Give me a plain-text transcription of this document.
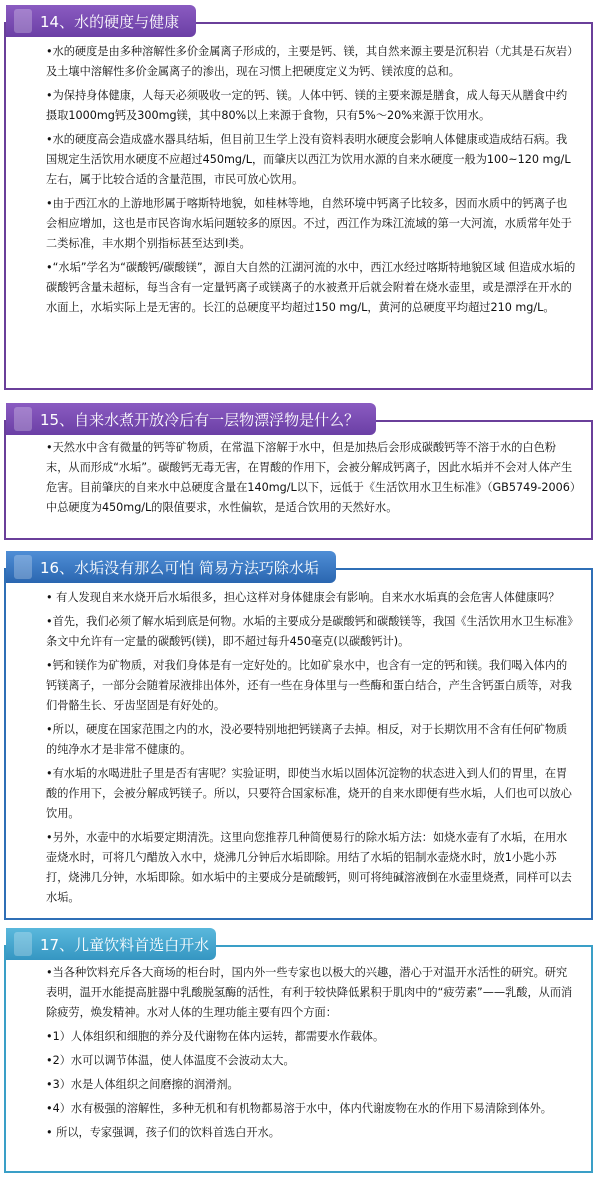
14、水的硬度与健康

•水的硬度是由多种溶解性多价金属离子形成的，主要是钙、镁，其自然来源主要是沉积岩（尤其是石灰岩）及土壤中溶解性多价金属离子的渗出，现在习惯上把硬度定义为钙、镁浓度的总和。

•为保持身体健康，人每天必须吸收一定的钙、镁。人体中钙、镁的主要来源是膳食，成人每天从膳食中约摄取1000mg钙及300mg镁，其中80%以上来源于食物，只有5%～20%来源于饮用水。

•水的硬度高会造成盛水器具结垢，但目前卫生学上没有资料表明水硬度会影响人体健康或造成结石病。我国规定生活饮用水硬度不应超过450mg/L，而肇庆以西江为饮用水源的自来水硬度一般为100~120 mg/L左右，属于比较合适的含量范围，市民可放心饮用。

•由于西江水的上游地形属于喀斯特地貌，如桂林等地，自然环境中钙离子比较多，因而水质中的钙离子也会相应增加，这也是市民咨询水垢问题较多的原因。不过，西江作为珠江流域的第一大河流，水质常年处于二类标准，丰水期个别指标甚至达到Ⅰ类。

•“水垢”学名为“碳酸钙/碳酸镁”，源自大自然的江湖河流的水中，西江水经过喀斯特地貌区域 但造成水垢的碳酸钙含量未超标，每当含有一定量钙离子或镁离子的水被煮开后就会附着在烧水壶里，或是漂浮在开水的水面上，水垢实际上是无害的。长江的总硬度平均超过150 mg/L，黄河的总硬度平均超过210 mg/L。

15、自来水煮开放冷后有一层物漂浮物是什么？

•天然水中含有微量的钙等矿物质，在常温下溶解于水中，但是加热后会形成碳酸钙等不溶于水的白色粉末，从而形成“水垢”。碳酸钙无毒无害，在胃酸的作用下，会被分解成钙离子，因此水垢并不会对人体产生危害。目前肇庆的自来水中总硬度含量在140mg/L以下，远低于《生活饮用水卫生标准》（GB5749-2006）中总硬度为450mg/L的限值要求，水性偏软，是适合饮用的天然好水。

16、水垢没有那么可怕 简易方法巧除水垢

• 有人发现自来水烧开后水垢很多，担心这样对身体健康会有影响。自来水水垢真的会危害人体健康吗？

•首先，我们必须了解水垢到底是何物。水垢的主要成分是碳酸钙和碳酸镁等，我国《生活饮用水卫生标准》条文中允许有一定量的碳酸钙(镁)，即不超过每升450毫克(以碳酸钙计)。

•钙和镁作为矿物质，对我们身体是有一定好处的。比如矿泉水中，也含有一定的钙和镁。我们喝入体内的钙镁离子，一部分会随着尿液排出体外，还有一些在身体里与一些酶和蛋白结合，产生含钙蛋白质等，对我们骨骼生长、牙齿坚固是有好处的。

•所以，硬度在国家范围之内的水，没必要特别地把钙镁离子去掉。相反，对于长期饮用不含有任何矿物质的纯净水才是非常不健康的。

•有水垢的水喝进肚子里是否有害呢？实验证明，即使当水垢以固体沉淀物的状态进入到人们的胃里，在胃酸的作用下，会被分解成钙镁子。所以，只要符合国家标准，烧开的自来水即便有些水垢，人们也可以放心饮用。

•另外，水壶中的水垢要定期清洗。这里向您推荐几种简便易行的除水垢方法：如烧水壶有了水垢，在用水壶烧水时，可将几勺醋放入水中，烧沸几分钟后水垢即除。用结了水垢的铝制水壶烧水时，放1小匙小苏打，烧沸几分钟，水垢即除。如水垢中的主要成分是硫酸钙，则可将纯碱溶液倒在水壶里烧煮，同样可以去水垢。

17、儿童饮料首选白开水

•当各种饮料充斥各大商场的柜台时，国内外一些专家也以极大的兴趣，潜心于对温开水活性的研究。研究表明，温开水能提高脏器中乳酸脱氢酶的活性，有利于较快降低累积于肌肉中的“疲劳素”——乳酸，从而消除疲劳，焕发精神。水对人体的生理功能主要有四个方面：

•1）人体组织和细胞的养分及代谢物在体内运转，都需要水作载体。

•2）水可以调节体温，使人体温度不会波动太大。

•3）水是人体组织之间磨擦的润滑剂。

•4）水有极强的溶解性，多种无机和有机物都易溶于水中，体内代谢废物在水的作用下易清除到体外。

• 所以，专家强调，孩子们的饮料首选白开水。
